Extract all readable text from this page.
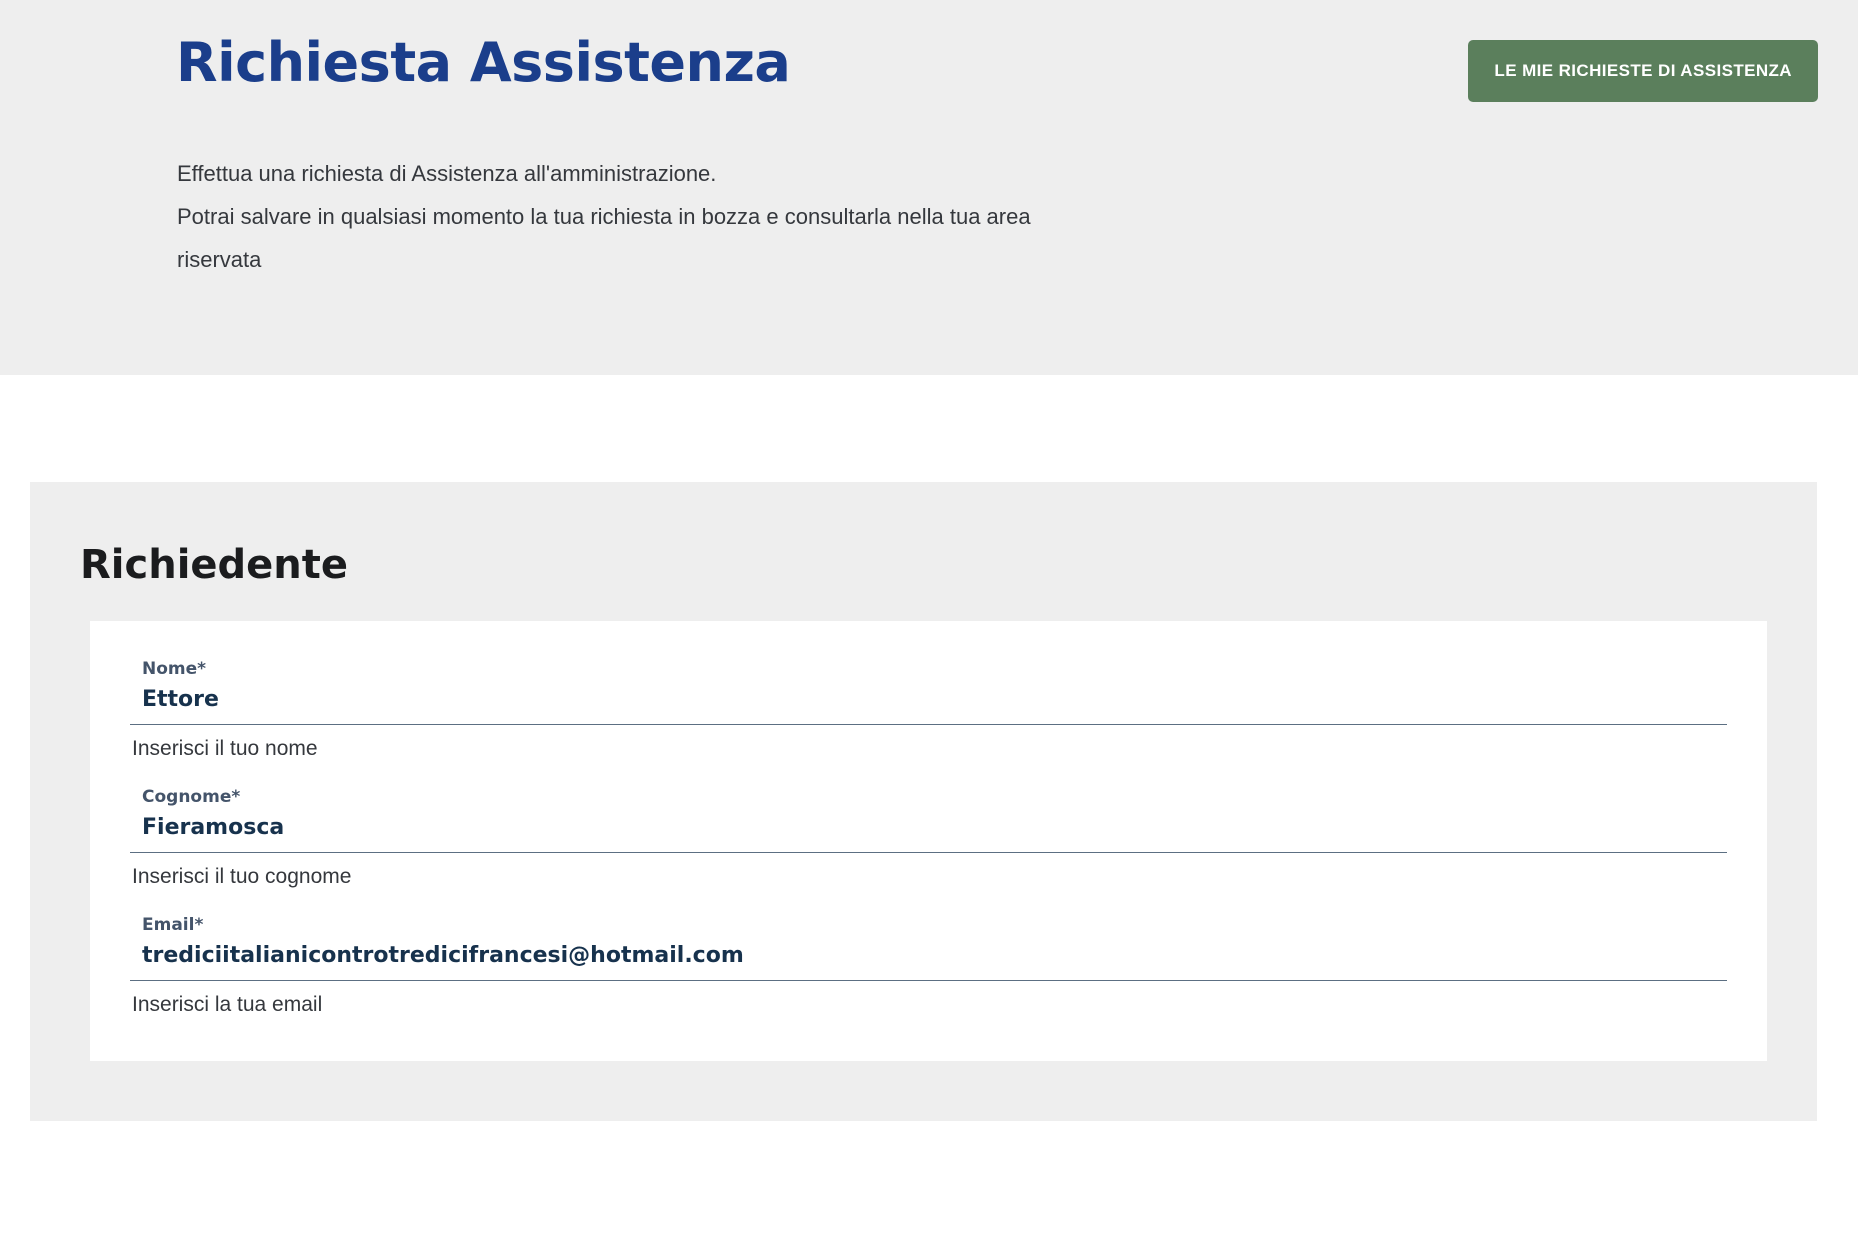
Richiesta Assistenza

Effettua una richiesta di Assistenza all'amministrazione.

Potrai salvare in qualsiasi momento la tua richiesta in bozza e consultarla nella tua area

riservata

LE MIE RICHIESTE DI ASSISTENZA
Richiedente
Nome*
Ettore
Inserisci il tuo nome
Cognome*
Fieramosca
Inserisci il tuo cognome
Email*
trediciitalianicontrotredicifrancesi@hotmail.com
Inserisci la tua email
